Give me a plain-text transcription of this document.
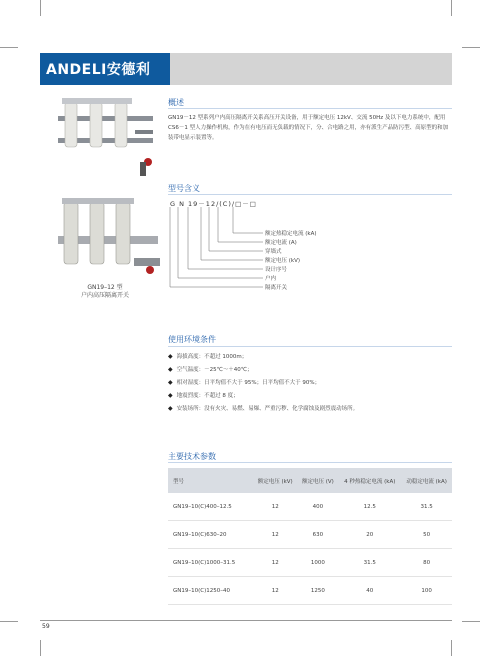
ANDELI安德利
GN19–12 型
户内高压隔离开关
概述
GN19－12 型系列户内高压隔离开关系高压开关设备，用于额定电压 12kV、交流 50Hz 及以下电力系统中，配用 CS6－1 型人力操作机构，作为在有电压而无负载的情况下，分、合电路之用，亦有派生产品防污型、高原型的和加装带电显示装置等。
型号含义
G N 19－12/(C)/□－□
额定热稳定电流 (kA)
额定电流 (A)
穿墙式
额定电压 (kV)
设计序号
户内
隔离开关
使用环境条件
◆ 海拔高度：不超过 1000m；
◆ 空气温度：－25℃～＋40℃；
◆ 相对湿度：日平均值不大于 95%；日平均值不大于 90%；
◆ 地震烈度：不超过 8 度；
◆ 安装场所：没有火灾、易燃、易爆、严重污秽、化学腐蚀及剧烈震动场所。
主要技术参数
型号	额定电压 (kV)	额定电压 (V)	4 秒热稳定电流 (kA)	动稳定电流 (kA)
GN19–10(C)400–12.5	12	400	12.5	31.5
GN19–10(C)630–20	12	630	20	50
GN19–10(C)1000–31.5	12	1000	31.5	80
GN19–10(C)1250–40	12	1250	40	100
59
